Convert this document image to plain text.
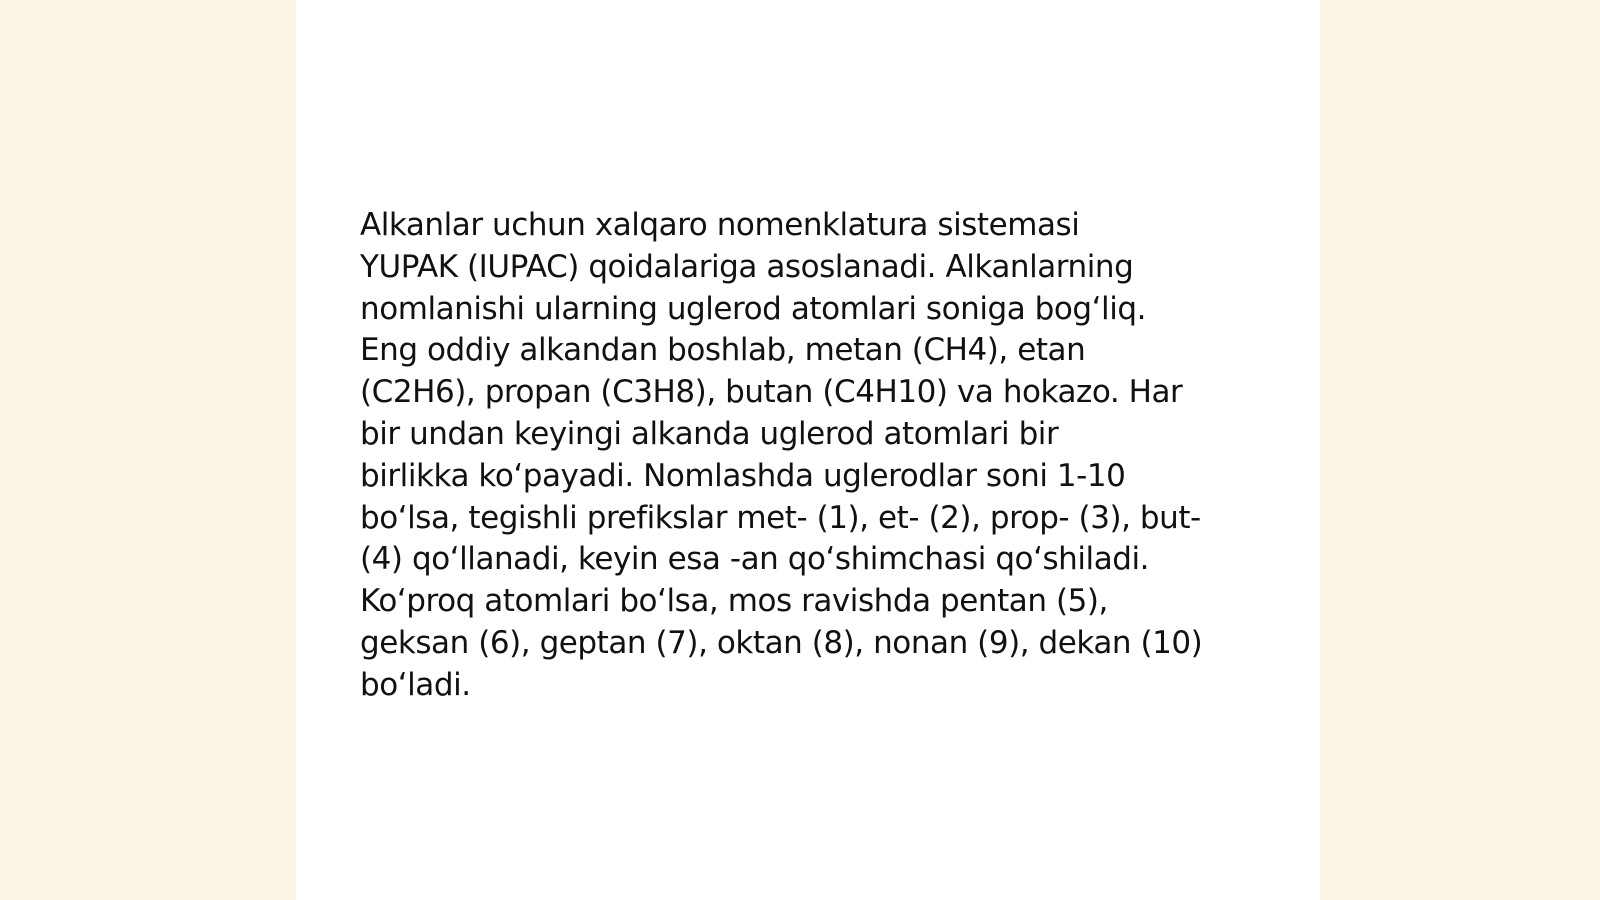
Alkanlar uchun xalqaro nomenklatura sistemasi
YUPAK (IUPAC) qoidalariga asoslanadi. Alkanlarning
nomlanishi ularning uglerod atomlari soniga bogʻliq.
Eng oddiy alkandan boshlab, metan (CH4), etan
(C2H6), propan (C3H8), butan (C4H10) va hokazo. Har
bir undan keyingi alkanda uglerod atomlari bir
birlikka koʻpayadi. Nomlashda uglerodlar soni 1-10
boʻlsa, tegishli prefikslar met- (1), et- (2), prop- (3), but-
(4) qoʻllanadi, keyin esa -an qoʻshimchasi qoʻshiladi.
Koʻproq atomlari boʻlsa, mos ravishda pentan (5),
geksan (6), geptan (7), oktan (8), nonan (9), dekan (10)
boʻladi.
